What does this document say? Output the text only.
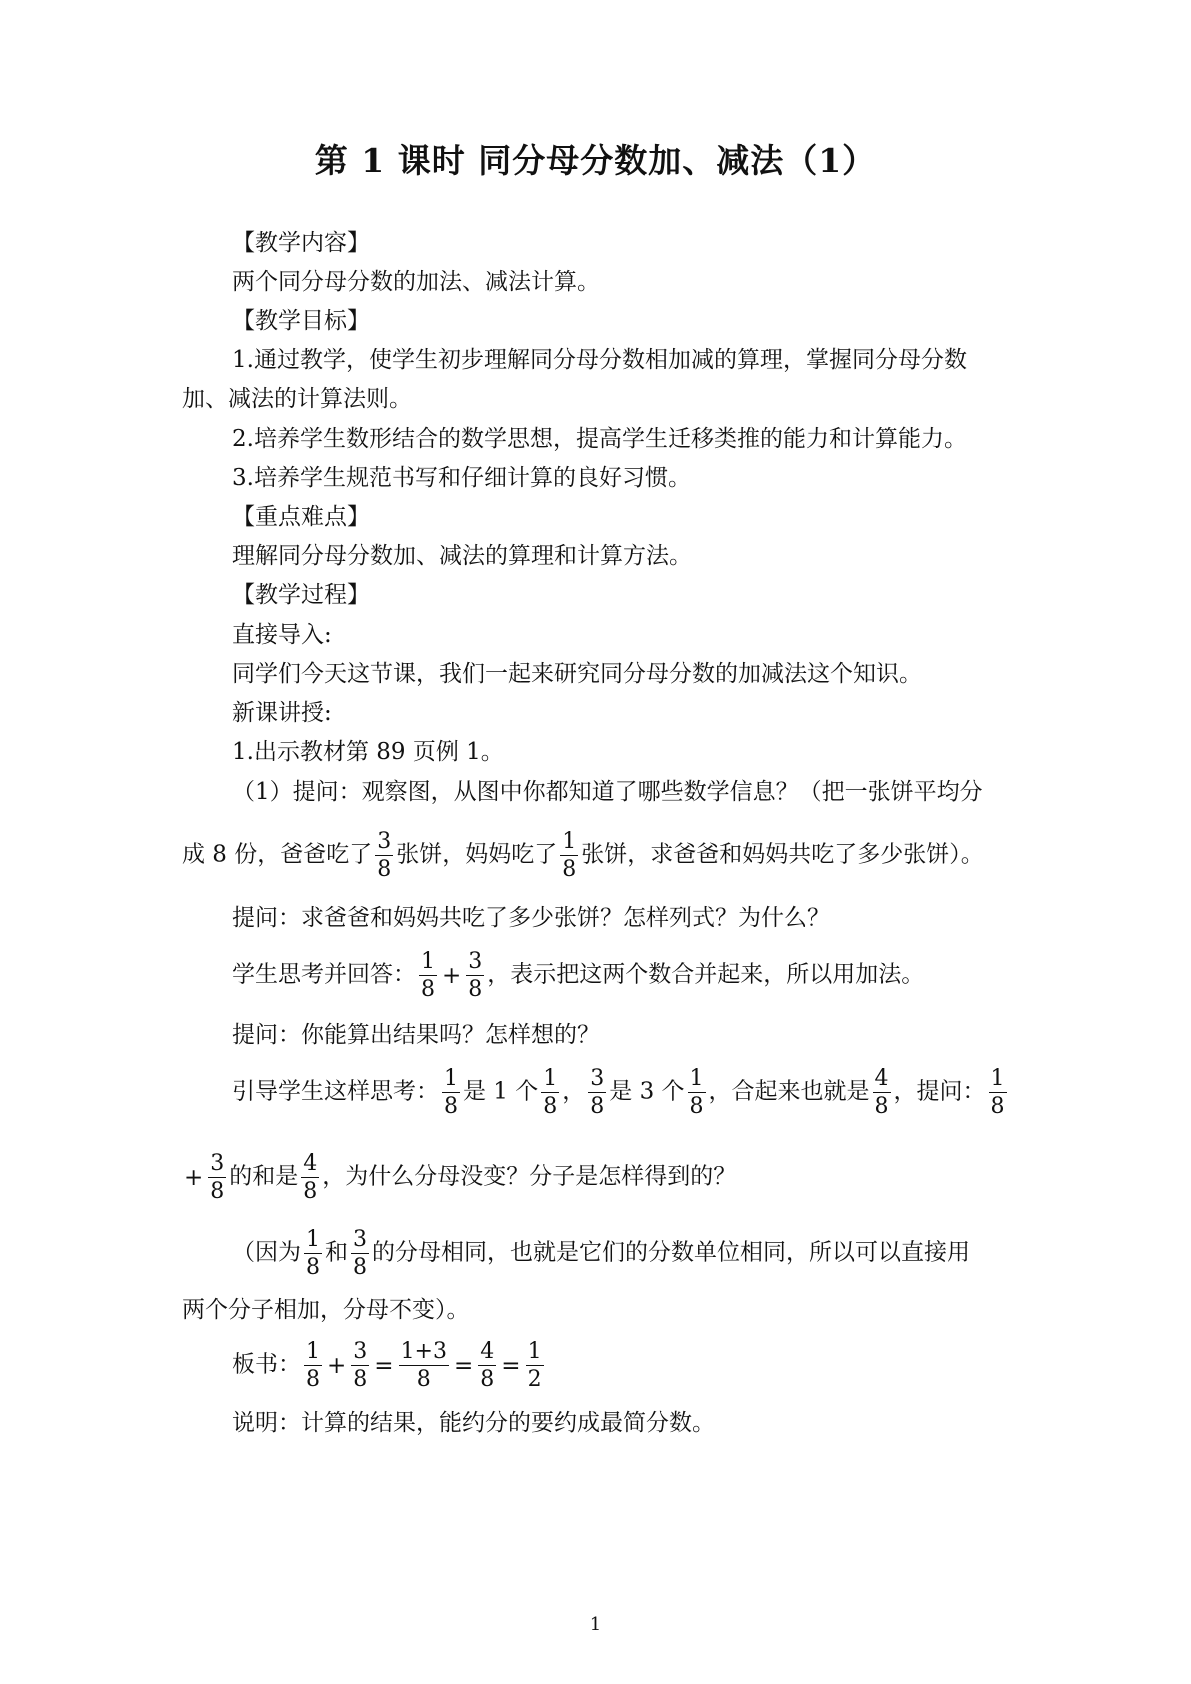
第 1 课时 同分母分数加、减法（1）
【教学内容】
两个同分母分数的加法、减法计算。
【教学目标】
1.通过教学，使学生初步理解同分母分数相加减的算理，掌握同分母分数
加、减法的计算法则。
2.培养学生数形结合的数学思想，提高学生迁移类推的能力和计算能力。
3.培养学生规范书写和仔细计算的良好习惯。
【重点难点】
理解同分母分数加、减法的算理和计算方法。
【教学过程】
直接导入:
同学们今天这节课，我们一起来研究同分母分数的加减法这个知识。
新课讲授:
1.出示教材第 89 页例 1。
（1）提问：观察图，从图中你都知道了哪些数学信息？（把一张饼平均分
成 8 份，爸爸吃了 $\frac{3}{8}$ 张饼，妈妈吃了 $\frac{1}{8}$ 张饼，求爸爸和妈妈共吃了多少张饼）。
提问：求爸爸和妈妈共吃了多少张饼？怎样列式？为什么？
学生思考并回答： $\frac{1}{8} + \frac{3}{8}$ ，表示把这两个数合并起来，所以用加法。
提问：你能算出结果吗？怎样想的？
引导学生这样思考： $\frac{1}{8}$ 是 1 个 $\frac{1}{8}$ ， $\frac{3}{8}$ 是 3 个 $\frac{1}{8}$ ，合起来也就是 $\frac{4}{8}$ ，提问： $\frac{1}{8}$
+ $\frac{3}{8}$ 的和是 $\frac{4}{8}$ ，为什么分母没变？分子是怎样得到的？
（因为 $\frac{1}{8}$ 和 $\frac{3}{8}$ 的分母相同，也就是它们的分数单位相同，所以可以直接用
两个分子相加，分母不变）。
板书： $\frac{1}{8} + \frac{3}{8} = \frac{1+3}{8} = \frac{4}{8} = \frac{1}{2}$
说明：计算的结果，能约分的要约成最简分数。
1
